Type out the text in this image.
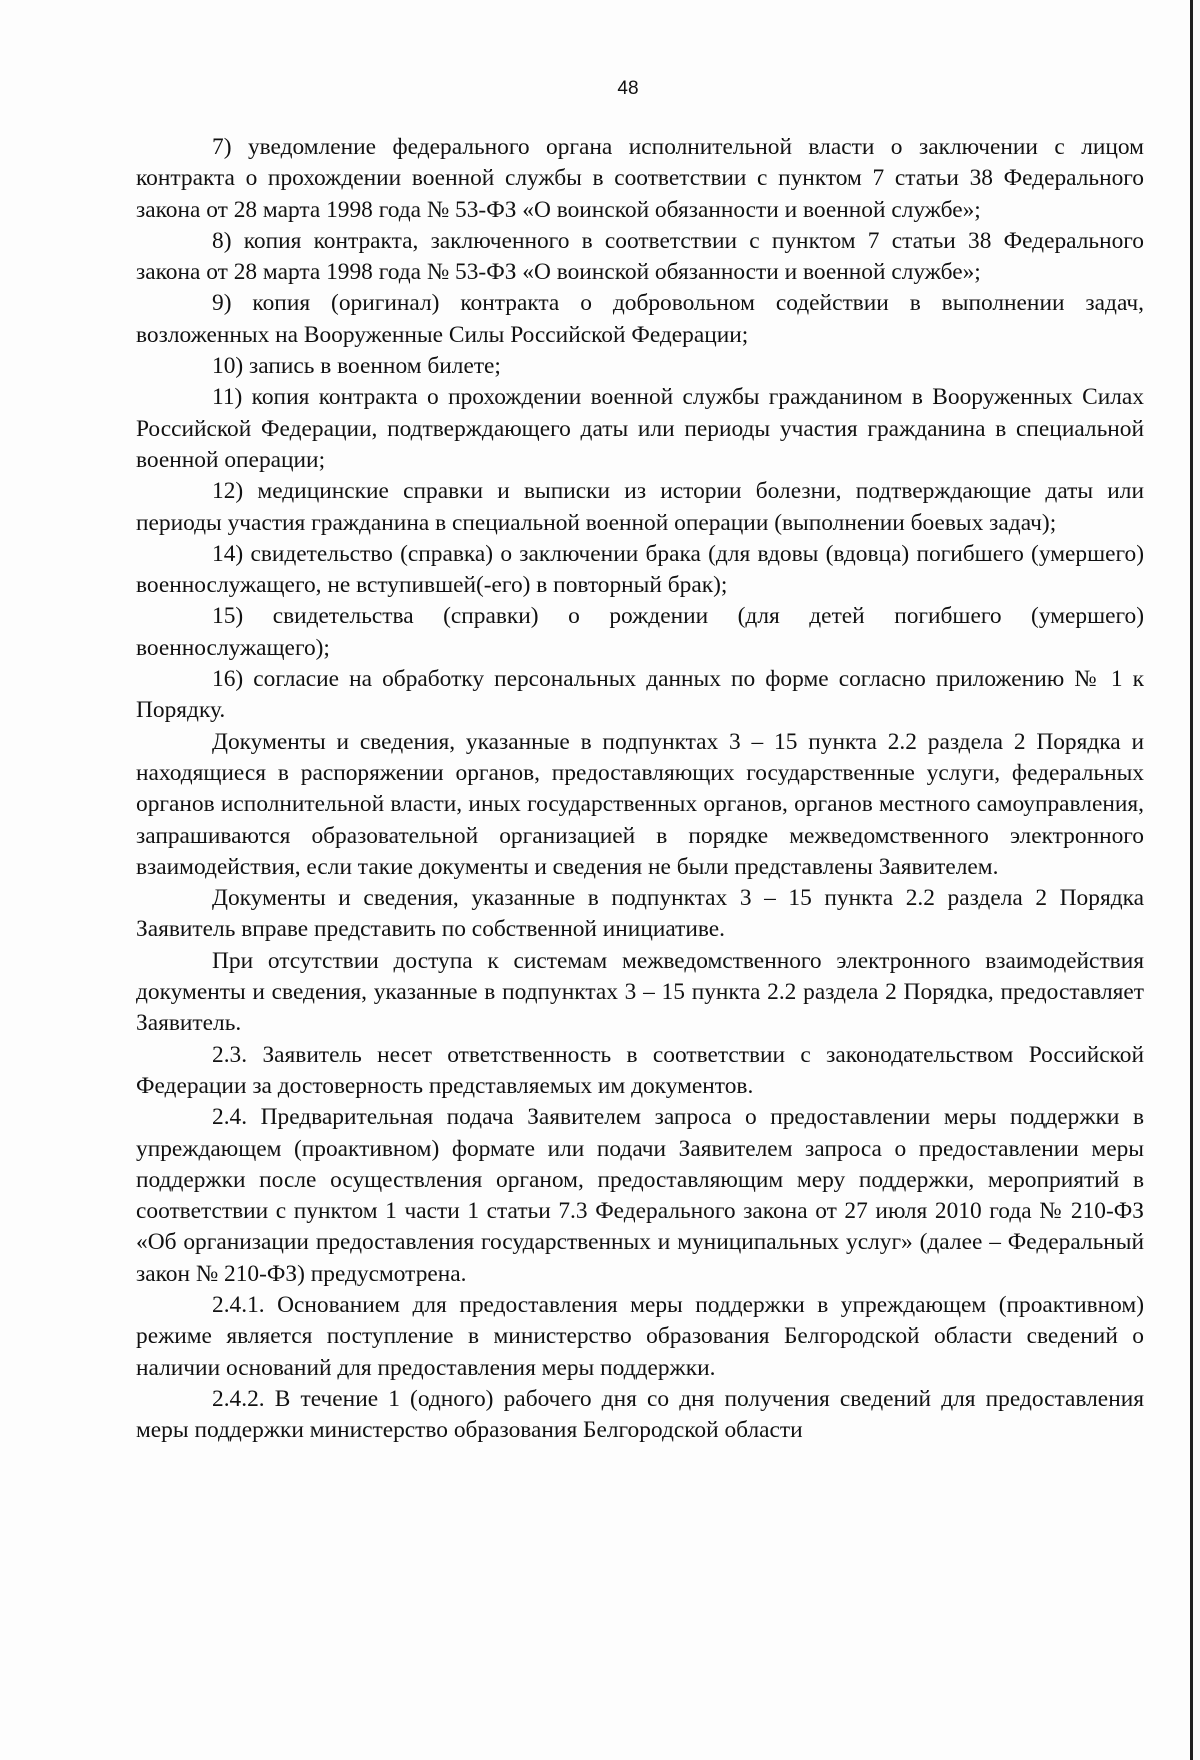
48

7) уведомление федерального органа исполнительной власти о заключении с лицом контракта о прохождении военной службы в соответствии с пунктом 7 статьи 38 Федерального закона от 28 марта 1998 года № 53-ФЗ «О воинской обязанности и военной службе»;

8) копия контракта, заключенного в соответствии с пунктом 7 статьи 38 Федерального закона от 28 марта 1998 года № 53-ФЗ «О воинской обязанности и военной службе»;

9) копия (оригинал) контракта о добровольном содействии в выполнении задач, возложенных на Вооруженные Силы Российской Федерации;

10) запись в военном билете;

11) копия контракта о прохождении военной службы гражданином в Вооруженных Силах Российской Федерации, подтверждающего даты или периоды участия гражданина в специальной военной операции;

12) медицинские справки и выписки из истории болезни, подтверждающие даты или периоды участия гражданина в специальной военной операции (выполнении боевых задач);

14) свидетельство (справка) о заключении брака (для вдовы (вдовца) погибшего (умершего) военнослужащего, не вступившей(-его) в повторный брак);

15) свидетельства (справки) о рождении (для детей погибшего (умершего) военнослужащего);

16) согласие на обработку персональных данных по форме согласно приложению № 1 к Порядку.

Документы и сведения, указанные в подпунктах 3 – 15 пункта 2.2 раздела 2 Порядка и находящиеся в распоряжении органов, предоставляющих государственные услуги, федеральных органов исполнительной власти, иных государственных органов, органов местного самоуправления, запрашиваются образовательной организацией в порядке межведомственного электронного взаимодействия, если такие документы и сведения не были представлены Заявителем.

Документы и сведения, указанные в подпунктах 3 – 15 пункта 2.2 раздела 2 Порядка Заявитель вправе представить по собственной инициативе.

При отсутствии доступа к системам межведомственного электронного взаимодействия документы и сведения, указанные в подпунктах 3 – 15 пункта 2.2 раздела 2 Порядка, предоставляет Заявитель.

2.3. Заявитель несет ответственность в соответствии с законодательством Российской Федерации за достоверность представляемых им документов.

2.4. Предварительная подача Заявителем запроса о предоставлении меры поддержки в упреждающем (проактивном) формате или подачи Заявителем запроса о предоставлении меры поддержки после осуществления органом, предоставляющим меру поддержки, мероприятий в соответствии с пунктом 1 части 1 статьи 7.3 Федерального закона от 27 июля 2010 года № 210-ФЗ «Об организации предоставления государственных и муниципальных услуг» (далее – Федеральный закон № 210-ФЗ) предусмотрена.

2.4.1. Основанием для предоставления меры поддержки в упреждающем (проактивном) режиме является поступление в министерство образования Белгородской области сведений о наличии оснований для предоставления меры поддержки.

2.4.2. В течение 1 (одного) рабочего дня со дня получения сведений для предоставления меры поддержки министерство образования Белгородской области
